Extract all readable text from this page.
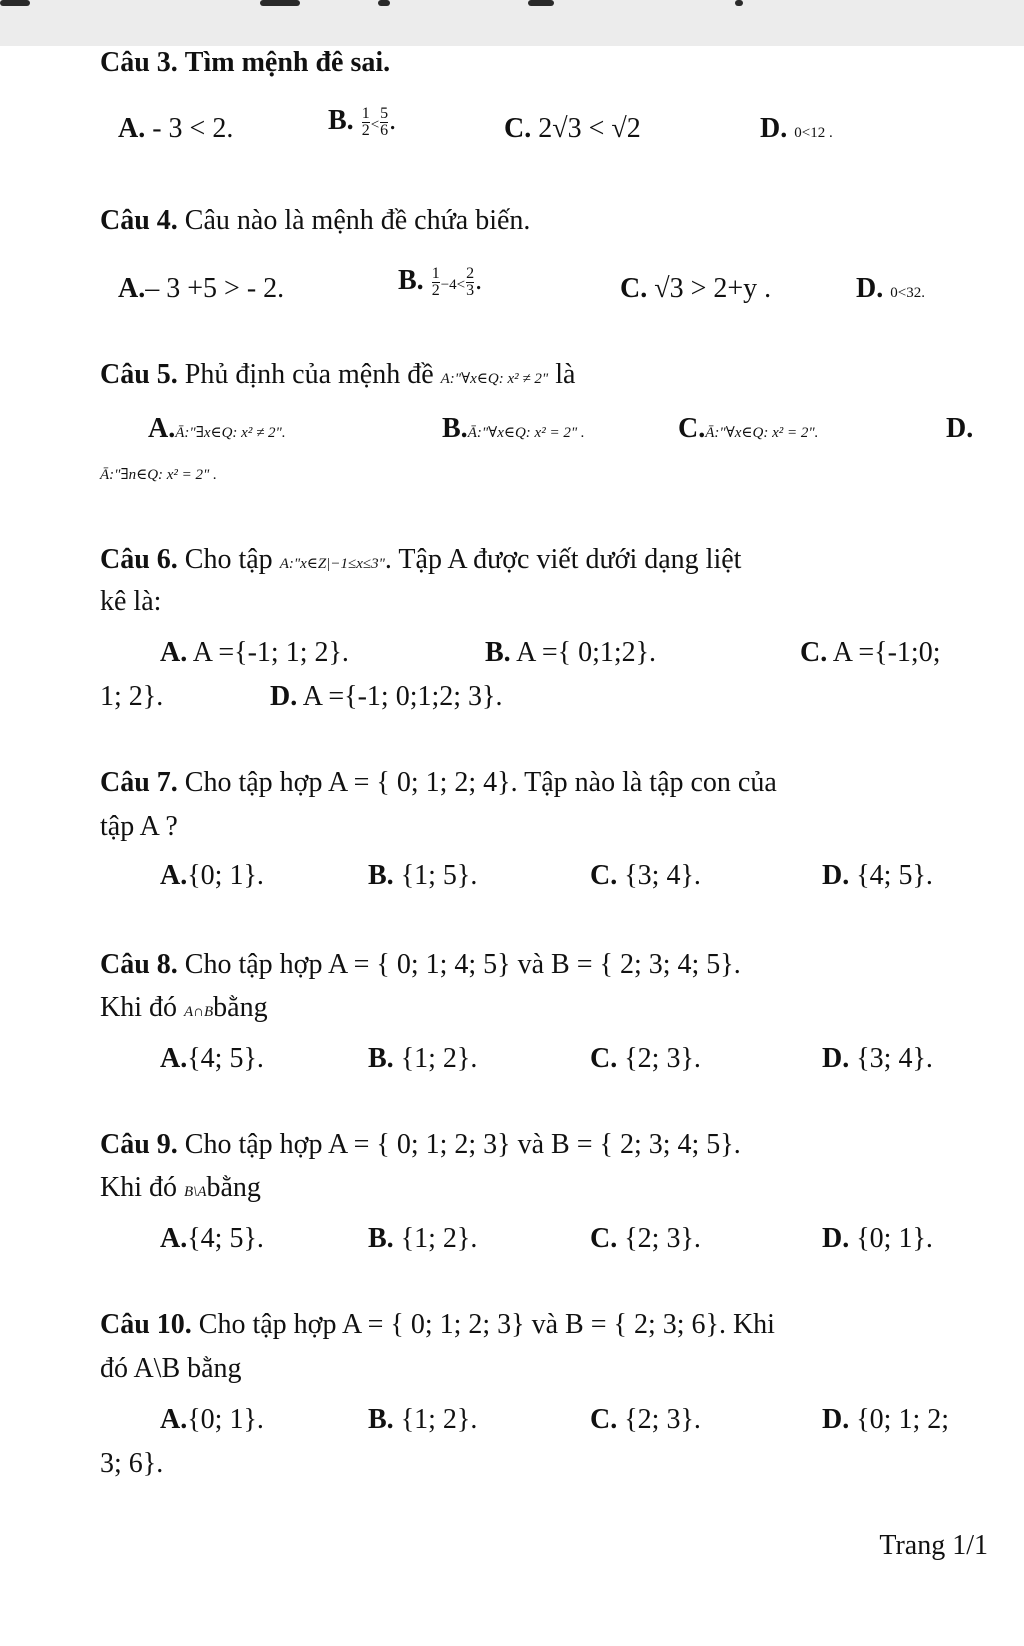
Câu 3. Tìm mệnh đê sai.
A. - 3 < 2.	B. $\frac{1}{2} < \frac{5}{6}$ .	C. 2√3 < √2	D. 0<12 .
Câu 4. Câu nào là mệnh đề chứa biến.
A.– 3 +5 > - 2.	B. $\frac{1}{2} -4< \frac{2}{3}$ .	C. √3 > 2+y .	D. 0<32.
Câu 5. Phủ định của mệnh đề A:"∀x∈Q: x² ≠ 2" là
A.Ā:"∃x∈Q: x² ≠ 2".	B.Ā:"∀x∈Q: x² = 2" .	C.Ā:"∀x∈Q: x² = 2".	D.
Ā:"∃n∈Q: x² = 2" .
Câu 6. Cho tập A:"x∈Z|−1≤x≤3". Tập A được viết dưới dạng liệt
kê là:
A. A ={-1; 1; 2}.	B. A ={ 0;1;2}.	C. A ={-1;0;
1; 2}.	D. A ={-1; 0;1;2; 3}.
Câu 7. Cho tập hợp A = { 0; 1; 2; 4}. Tập nào là tập con của
tập A ?
A.{0; 1}.	B. {1; 5}.	C. {3; 4}.	D. {4; 5}.
Câu 8. Cho tập hợp A = { 0; 1; 4; 5} và B = { 2; 3; 4; 5}.
Khi đó A∩Bbằng
A.{4; 5}.	B. {1; 2}.	C. {2; 3}.	D. {3; 4}.
Câu 9. Cho tập hợp A = { 0; 1; 2; 3} và B = { 2; 3; 4; 5}.
Khi đó B\Abằng
A.{4; 5}.	B. {1; 2}.	C. {2; 3}.	D. {0; 1}.
Câu 10. Cho tập hợp A = { 0; 1; 2; 3} và B = { 2; 3; 6}. Khi
đó A\B bằng
A.{0; 1}.	B. {1; 2}.	C. {2; 3}.	D. {0; 1; 2;
3; 6}.
Trang 1/1
